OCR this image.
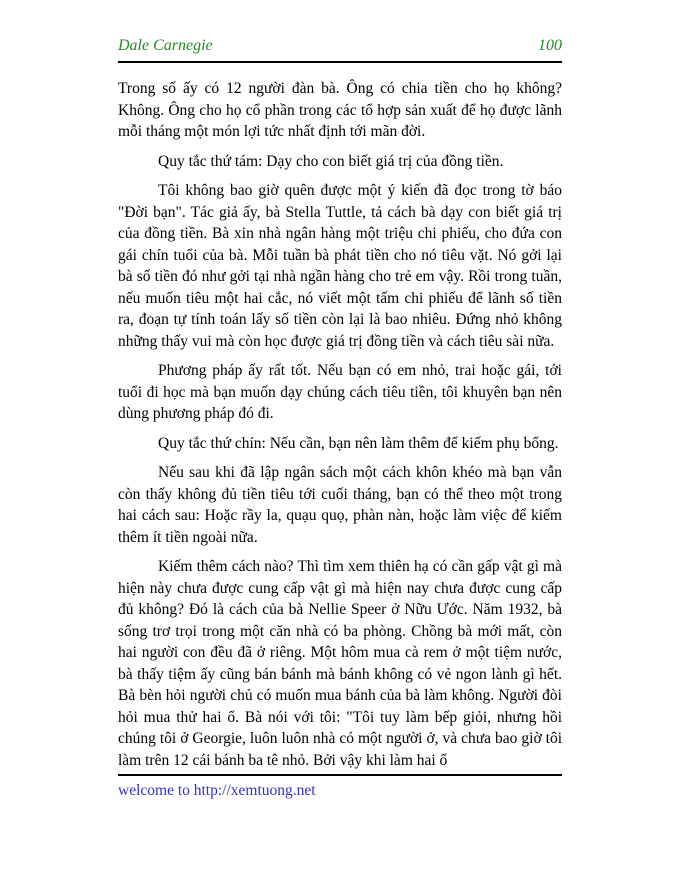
Dale Carnegie	100

Trong số ấy có 12 người đàn bà. Ông có chia tiền cho họ không? Không. Ông cho họ cổ phần trong các tổ hợp sản xuất để họ được lãnh mỗi tháng một món lợi tức nhất định tới mãn đời.

Quy tắc thứ tám: Dạy cho con biết giá trị của đồng tiền.

Tôi không bao giờ quên được một ý kiến đã đọc trong tờ báo "Đời bạn". Tác giả ấy, bà Stella Tuttle, tả cách bà dạy con biết giá trị của đồng tiền. Bà xin nhà ngân hàng một triệu chi phiếu, cho đứa con gái chín tuổi của bà. Mỗi tuần bà phát tiền cho nó tiêu vặt. Nó gởi lại bà số tiền đó như gởi tại nhà ngần hàng cho trẻ em vậy. Rồi trong tuần, nếu muốn tiêu một hai cắc, nó viết một tấm chi phiếu để lãnh số tiền ra, đoạn tự tính toán lấy số tiền còn lại là bao nhiêu. Đứng nhỏ không những thấy vui mà còn học được giá trị đồng tiền và cách tiêu sài nữa.

Phương pháp ấy rất tốt. Nếu bạn có em nhỏ, trai hoặc gái, tới tuổi đi học mà bạn muốn dạy chúng cách tiêu tiền, tôi khuyên bạn nên dùng phương pháp đó đi.

Quy tắc thứ chín: Nếu cần, bạn nên làm thêm để kiếm phụ bổng.

Nếu sau khi đã lập ngân sách một cách khôn khéo mà bạn vẫn còn thấy không đủ tiền tiêu tới cuối tháng, bạn có thể theo một trong hai cách sau: Hoặc rầy la, quạu quọ, phàn nàn, hoặc làm việc để kiếm thêm ít tiền ngoài nữa.

Kiếm thêm cách nào? Thì tìm xem thiên hạ có cần gấp vật gì mà hiện này chưa được cung cấp vật gì mà hiện nay chưa được cung cấp đủ không? Đó là cách của bà Nellie Speer ở Nữu Ước. Năm 1932, bà sống trơ trọi trong một căn nhà có ba phòng. Chồng bà mới mất, còn hai người con đều đã ở riêng. Một hôm mua cà rem ở một tiệm nước, bà thấy tiệm ấy cũng bán bánh mà bánh không có vẻ ngon lành gì hết. Bà bèn hỏi người chủ có muốn mua bánh của bà làm không. Người đòi hỏi mua thử hai ổ. Bà nói với tôi: "Tôi tuy làm bếp giỏi, nhưng hồi chúng tôi ở Georgie, luôn luôn nhà có một người ở, và chưa bao giờ tôi làm trên 12 cái bánh ba tê nhỏ. Bởi vậy khi làm hai ổ

welcome to http://xemtuong.net
